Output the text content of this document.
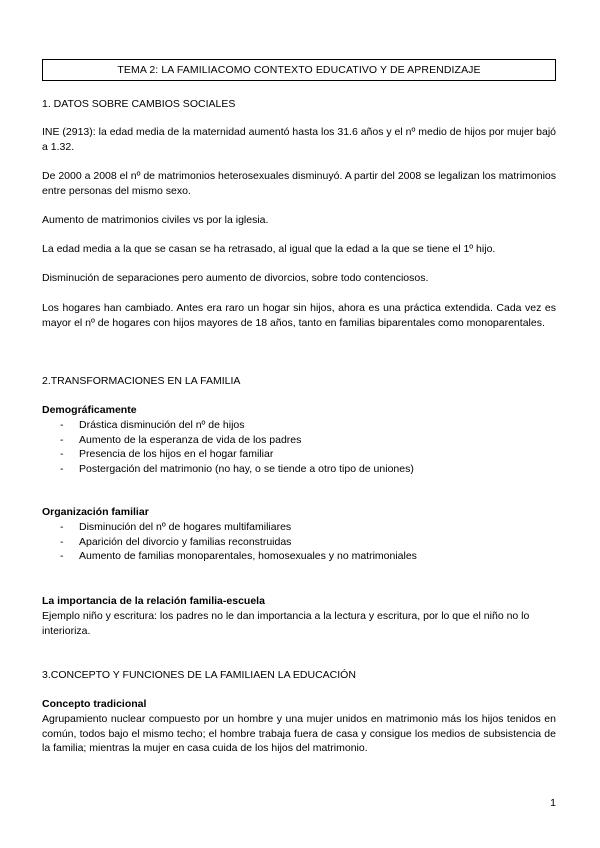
TEMA 2: LA FAMILIACOMO CONTEXTO EDUCATIVO Y DE APRENDIZAJE
1. DATOS SOBRE CAMBIOS SOCIALES
INE (2913): la edad media de la maternidad aumentó hasta los 31.6 años y el nº medio de hijos por mujer bajó a 1.32.
De 2000 a 2008 el nº de matrimonios heterosexuales disminuyó. A partir del 2008 se legalizan los matrimonios entre personas del mismo sexo.
Aumento de matrimonios civiles vs por la iglesia.
La edad media a la que se casan se ha retrasado, al igual que la edad a la que se tiene el 1º hijo.
Disminución de separaciones pero aumento de divorcios, sobre todo contenciosos.
Los hogares han cambiado. Antes era raro un hogar sin hijos, ahora es una práctica extendida. Cada vez es mayor el nº de hogares con hijos mayores de 18 años, tanto en familias biparentales como monoparentales.
2.TRANSFORMACIONES EN LA FAMILIA
Demográficamente
- Drástica disminución del nº de hijos
- Aumento de la esperanza de vida de los padres
- Presencia de los hijos en el hogar familiar
- Postergación del matrimonio (no hay, o se tiende a otro tipo de uniones)
Organización familiar
- Disminución del nº de hogares multifamiliares
- Aparición del divorcio y familias reconstruidas
- Aumento de familias monoparentales, homosexuales y no matrimoniales
La importancia de la relación familia-escuela
Ejemplo niño y escritura: los padres no le dan importancia a la lectura y escritura, por lo que el niño no lo interioriza.
3.CONCEPTO Y FUNCIONES DE LA FAMILIAEN LA EDUCACIÓN
Concepto tradicional
Agrupamiento nuclear compuesto por un hombre y una mujer unidos en matrimonio más los hijos tenidos en común, todos bajo el mismo techo; el hombre trabaja fuera de casa y consigue los medios de subsistencia de la familia; mientras la mujer en casa cuida de los hijos del matrimonio.
1
